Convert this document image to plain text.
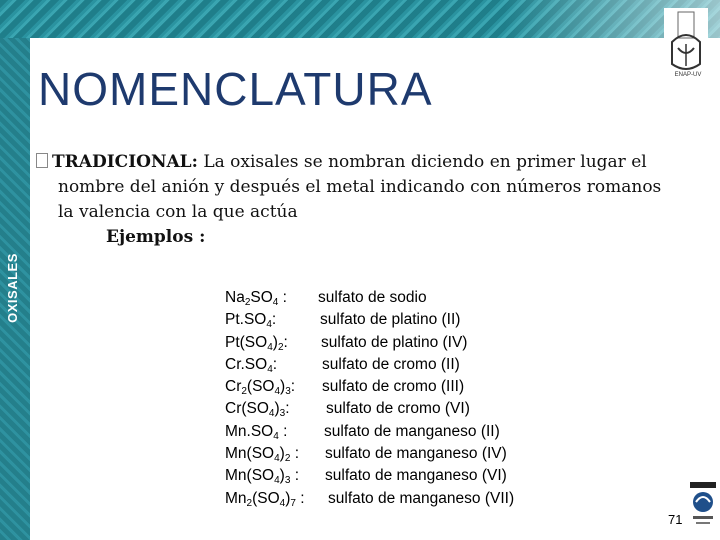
OXISALES
ENAP-UV
NOMENCLATURA
TRADICIONAL: La oxisales se nombran diciendo en primer lugar el
nombre del anión y después el metal indicando con números romanos
la valencia con la que actúa
Ejemplos :
$Na_2SO_4$ : sulfato de sodio
$Pt.SO_4$:	sulfato de platino (II)
$Pt(SO_4)_2$: sulfato de platino (IV)
$Cr.SO_4$:	sulfato de cromo (II)
$Cr_2(SO_4)_3$: sulfato de cromo (III)
$Cr(SO_4)_3$: sulfato de cromo (VI)
$Mn.SO_4$ : sulfato de manganeso (II)
$Mn(SO_4)_2$ : sulfato de manganeso (IV)
$Mn(SO_4)_3$ : sulfato de manganeso (VI)
$Mn_2(SO_4)_7$ : sulfato de manganeso (VII)
71
